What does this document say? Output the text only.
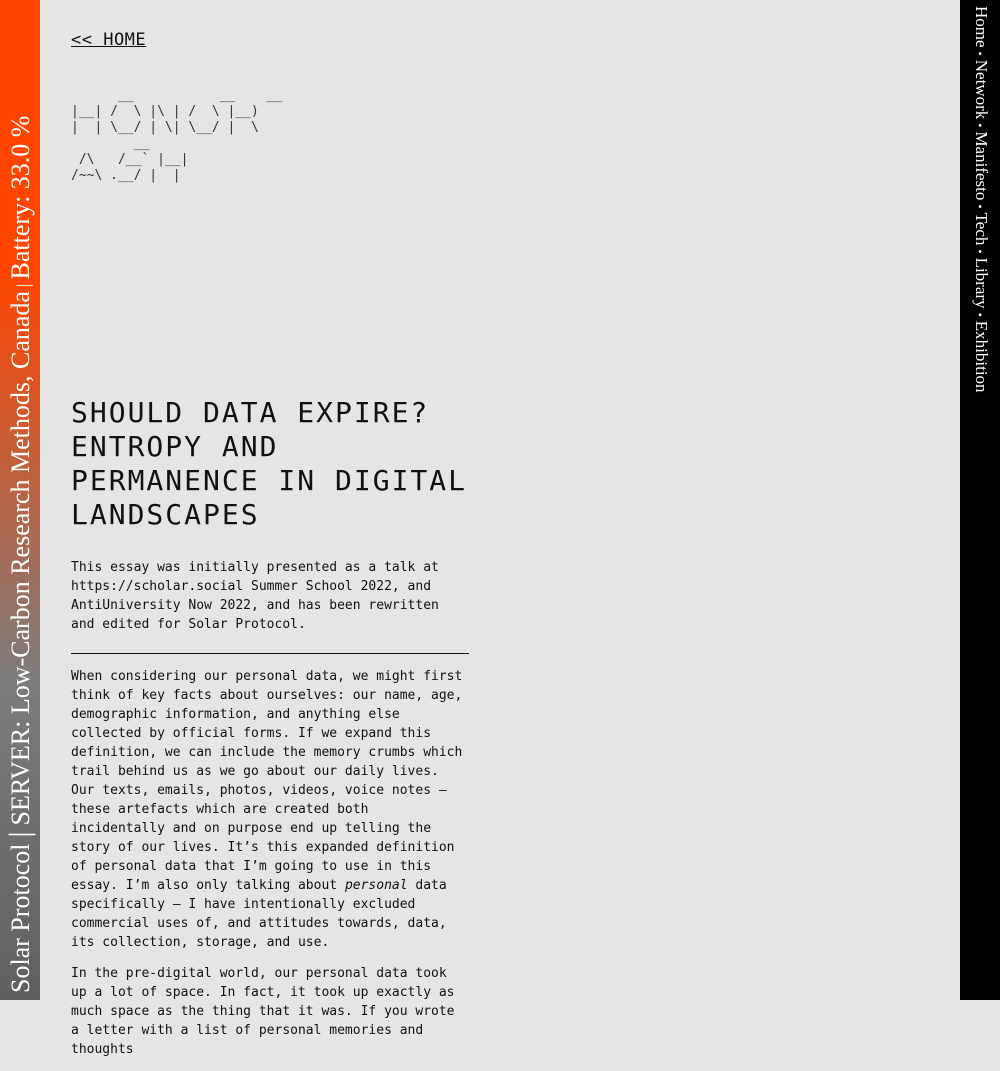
Solar Protocol|SERVER: Low-Carbon Research Methods, Canada|Battery: 33.0 %
Home•Network•Manifesto•Tech•Library•Exhibition
<< HOME
__           __    __
|__| /  \ |\ | /  \ |__)
|  | \__/ | \| \__/ |  \
__
/\   /__` |__|
/~~\ .__/ |  |
SHOULD DATA EXPIRE? ENTROPY AND PERMANENCE IN DIGITAL LANDSCAPES
This essay was initially presented as a talk at https://scholar.social Summer School 2022, and AntiUniversity Now 2022, and has been rewritten and edited for Solar Protocol.

When considering our personal data, we might first think of key facts about ourselves: our name, age, demographic information, and anything else collected by official forms. If we expand this definition, we can include the memory crumbs which trail behind us as we go about our daily lives. Our texts, emails, photos, videos, voice notes — these artefacts which are created both incidentally and on purpose end up telling the story of our lives. It’s this expanded definition of personal data that I’m going to use in this essay. I’m also only talking about personal data specifically — I have intentionally excluded commercial uses of, and attitudes towards, data, its collection, storage, and use.

In the pre-digital world, our personal data took up a lot of space. In fact, it took up exactly as much space as the thing that it was. If you wrote a letter with a list of personal memories and thoughts
